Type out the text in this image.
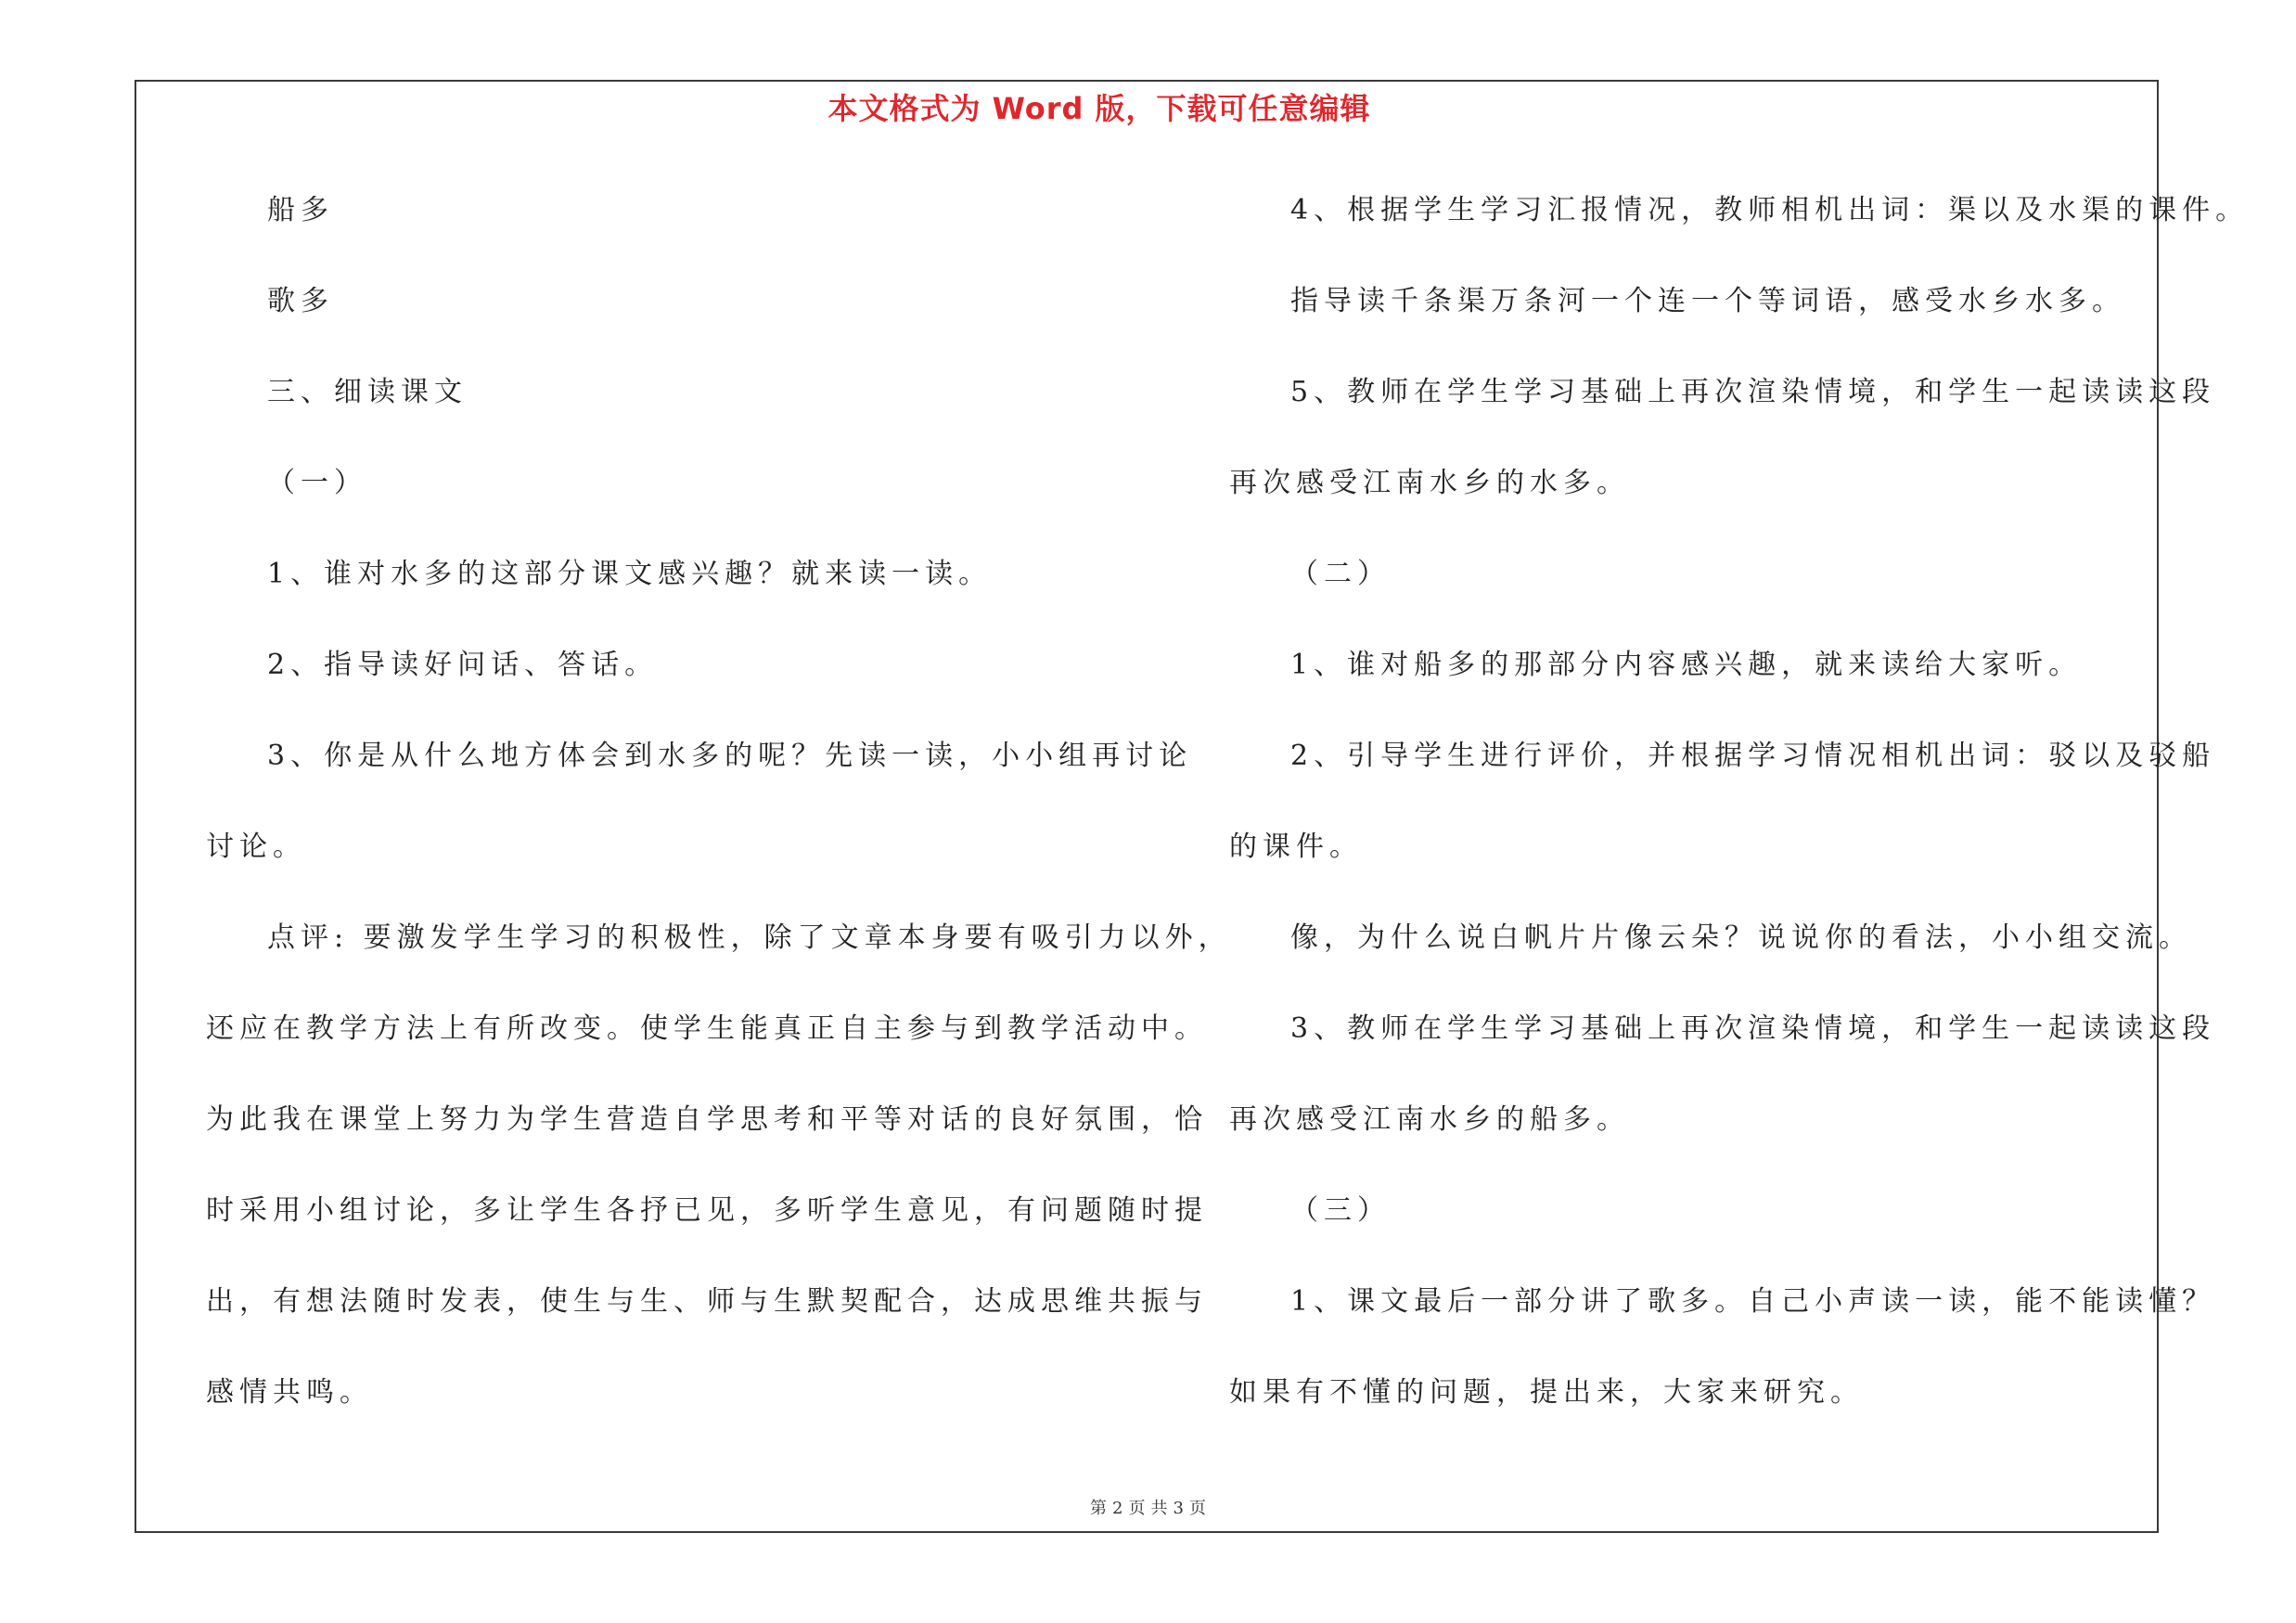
本文格式为 Word 版，下载可任意编辑
船多
歌多
三、细读课文
（一）
1、谁对水多的这部分课文感兴趣？就来读一读。
2、指导读好问话、答话。
3、你是从什么地方体会到水多的呢？先读一读，小小组再讨论
讨论。
点评: 要激发学生学习的积极性，除了文章本身要有吸引力以外，
还应在教学方法上有所改变。使学生能真正自主参与到教学活动中。
为此我在课堂上努力为学生营造自学思考和平等对话的良好氛围，恰
时采用小组讨论，多让学生各抒已见，多听学生意见，有问题随时提
出，有想法随时发表，使生与生、师与生默契配合，达成思维共振与
感情共鸣。
4、根据学生学习汇报情况，教师相机出词：渠以及水渠的课件。
指导读千条渠万条河一个连一个等词语，感受水乡水多。
5、教师在学生学习基础上再次渲染情境，和学生一起读读这段
再次感受江南水乡的水多。
（二）
1、谁对船多的那部分内容感兴趣，就来读给大家听。
2、引导学生进行评价，并根据学习情况相机出词：驳以及驳船
的课件。
像，为什么说白帆片片像云朵？说说你的看法，小小组交流。
3、教师在学生学习基础上再次渲染情境，和学生一起读读这段
再次感受江南水乡的船多。
（三）
1、课文最后一部分讲了歌多。自己小声读一读，能不能读懂？
如果有不懂的问题，提出来，大家来研究。
第 2 页 共 3 页
